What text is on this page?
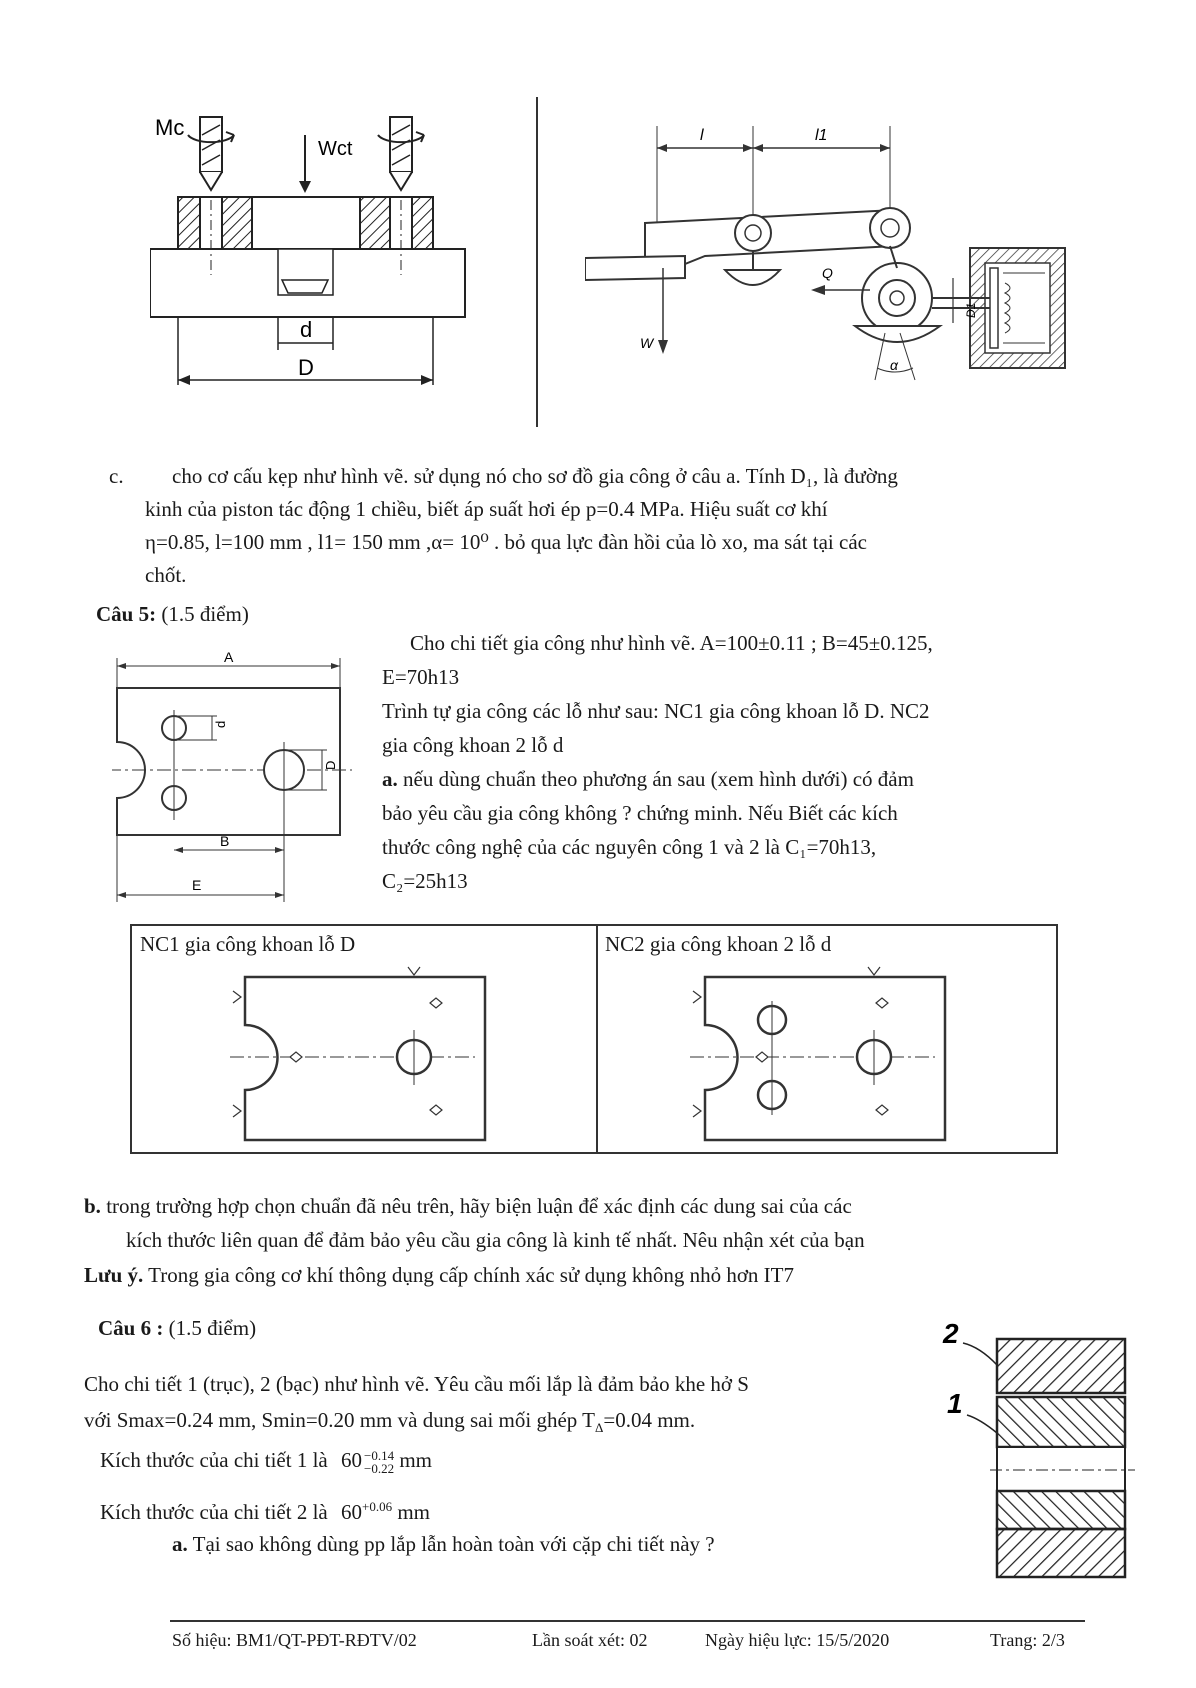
Mc
Wct
d
D
l	l1
W
Q
α
D1
c. cho cơ cấu kẹp như hình vẽ. sử dụng nó cho sơ đồ gia công ở câu a. Tính D₁, là đường
kinh của piston tác động 1 chiều, biết áp suất hơi ép p=0.4 MPa. Hiệu suất cơ khí
η=0.85, l=100 mm , l1= 150 mm ,α= 10⁰ . bỏ qua lực đàn hồi của lò xo, ma sát tại các
chốt.
Câu 5: (1.5 điểm)
A
d
D
B
E
Cho chi tiết gia công như hình vẽ. A=100±0.11 ; B=45±0.125,
E=70h13
Trình tự gia công các lỗ như sau: NC1 gia công khoan lỗ D. NC2
gia công khoan 2 lỗ d
a. nếu dùng chuẩn theo phương án sau (xem hình dưới) có đảm
bảo yêu cầu gia công không ? chứng minh. Nếu Biết các kích
thước công nghệ của các nguyên công 1 và 2 là C₁=70h13,
C₂=25h13
NC1 gia công khoan lỗ D	NC2 gia công khoan 2 lỗ d
b. trong trường hợp chọn chuẩn đã nêu trên, hãy biện luận để xác định các dung sai của các
kích thước liên quan để đảm bảo yêu cầu gia công là kinh tế nhất. Nêu nhận xét của bạn
Lưu ý. Trong gia công cơ khí thông dụng cấp chính xác sử dụng không nhỏ hơn IT7
Câu 6 : (1.5 điểm)	2
1
Cho chi tiết 1 (trục), 2 (bạc) như hình vẽ. Yêu cầu mối lắp là đảm bảo khe hở S
với Smax=0.24 mm, Smin=0.20 mm và dung sai mối ghép $T_\Delta=0.04$ mm.
Kích thước của chi tiết 1 là 60 −0.14
−0.22 mm
Kích thước của chi tiết 2 là $60^{+0.06}$ mm
a. Tại sao không dùng pp lắp lẫn hoàn toàn với cặp chi tiết này ?
Số hiệu: BM1/QT-PĐT-RĐTV/02	Lần soát xét: 02	Ngày hiệu lực: 15/5/2020	Trang: 2/3
